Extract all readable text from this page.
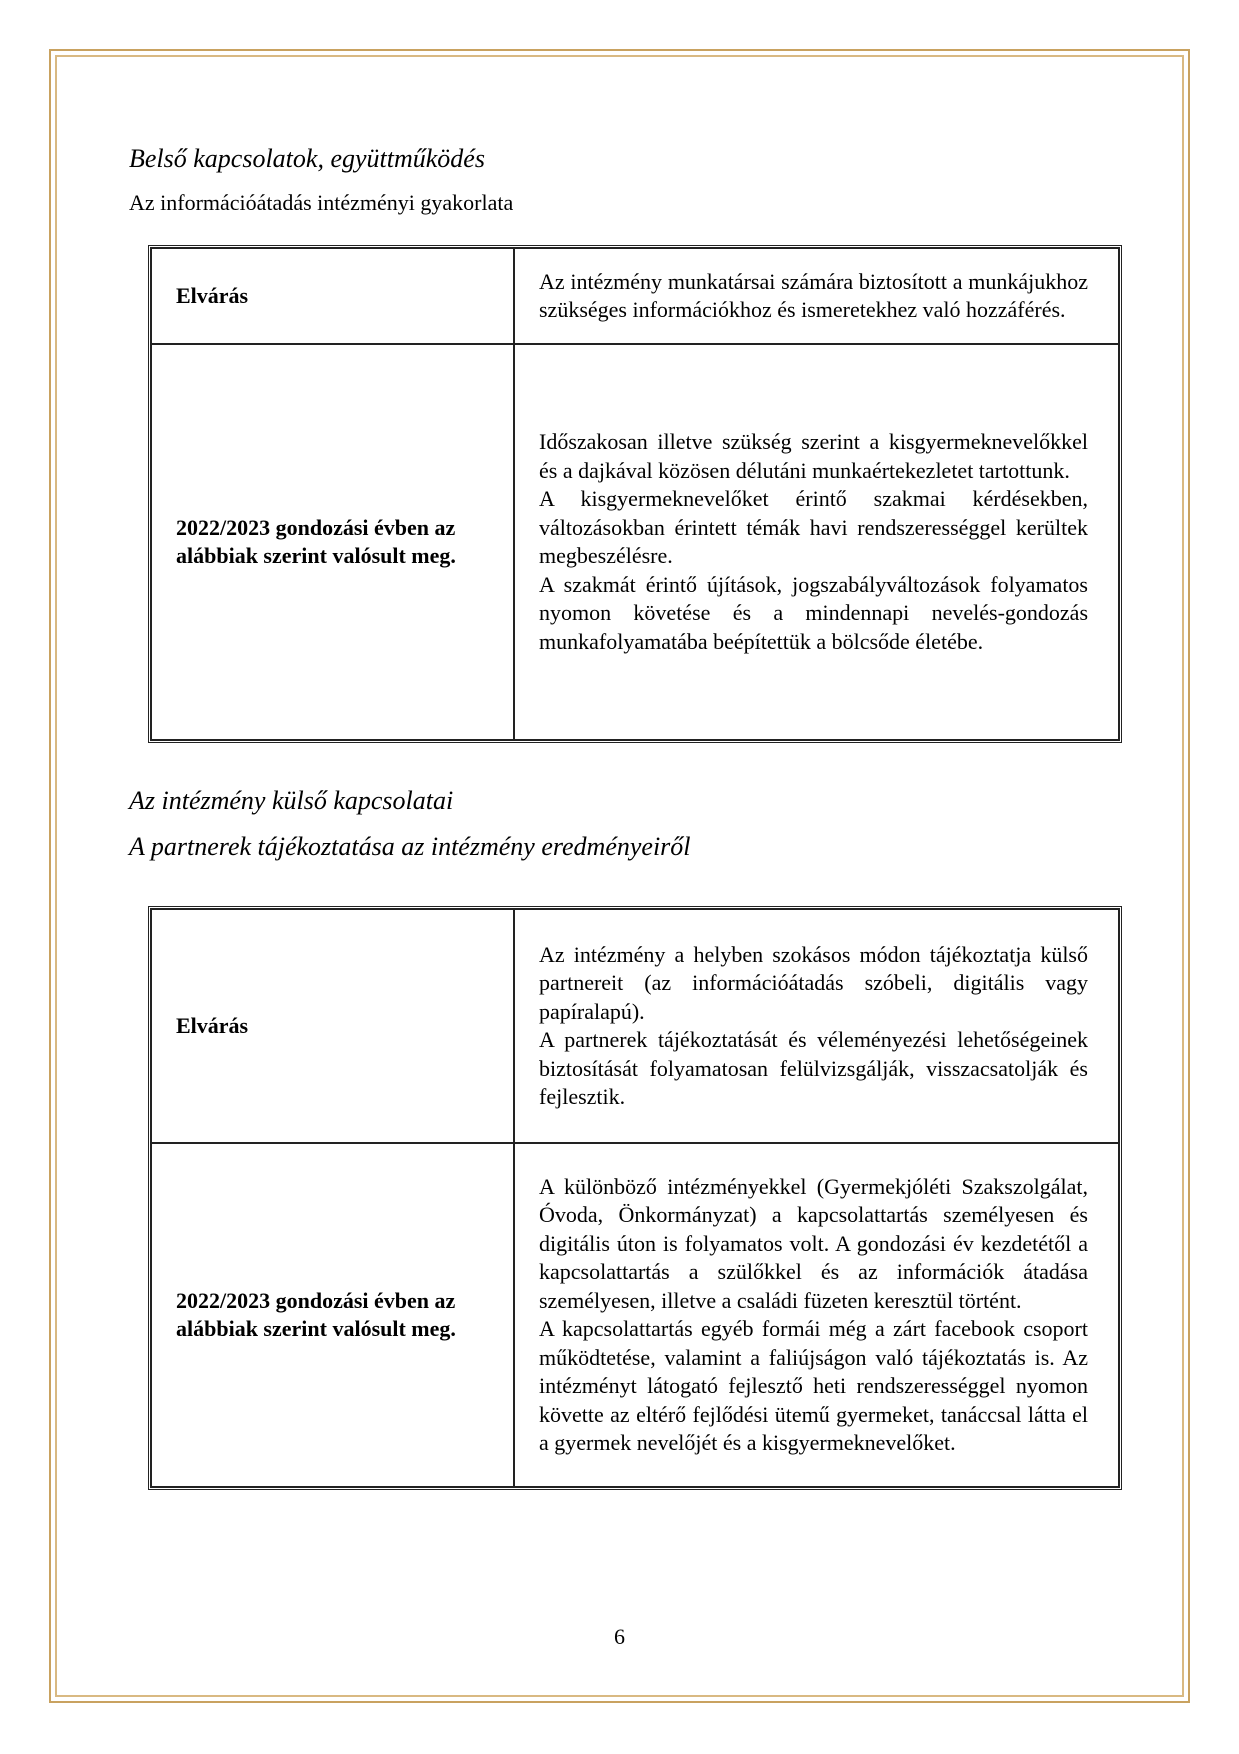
Belső kapcsolatok, együttműködés
Az információátadás intézményi gyakorlata
Elvárás	Az intézmény munkatársai számára biztosított a munkájukhoz szükséges információkhoz és ismeretekhez való hozzáférés.

2022/2023 gondozási évben az alábbiak szerint valósult meg.	Időszakosan illetve szükség szerint a kisgyermeknevelőkkel és a dajkával közösen délutáni munkaértekezletet tartottunk.

A kisgyermeknevelőket érintő szakmai kérdésekben, változásokban érintett témák havi rendszerességgel kerültek megbeszélésre.

A szakmát érintő újítások, jogszabályváltozások folyamatos nyomon követése és a mindennapi nevelés-gondozás munkafolyamatába beépítettük a bölcsőde életébe.

Az intézmény külső kapcsolatai
A partnerek tájékoztatása az intézmény eredményeiről
Elvárás	Az intézmény a helyben szokásos módon tájékoztatja külső partnereit (az információátadás szóbeli, digitális vagy papíralapú).

A partnerek tájékoztatását és véleményezési lehetőségeinek biztosítását folyamatosan felülvizsgálják, visszacsatolják és fejlesztik.

2022/2023 gondozási évben az alábbiak szerint valósult meg.	A különböző intézményekkel (Gyermekjóléti Szakszolgálat, Óvoda, Önkormányzat) a kapcsolattartás személyesen és digitális úton is folyamatos volt. A gondozási év kezdetétől a kapcsolattartás a szülőkkel és az információk átadása személyesen, illetve a családi füzeten keresztül történt.

A kapcsolattartás egyéb formái még a zárt facebook csoport működtetése, valamint a faliújságon való tájékoztatás is. Az intézményt látogató fejlesztő heti rendszerességgel nyomon követte az eltérő fejlődési ütemű gyermeket, tanáccsal látta el a gyermek nevelőjét és a kisgyermeknevelőket.

6
